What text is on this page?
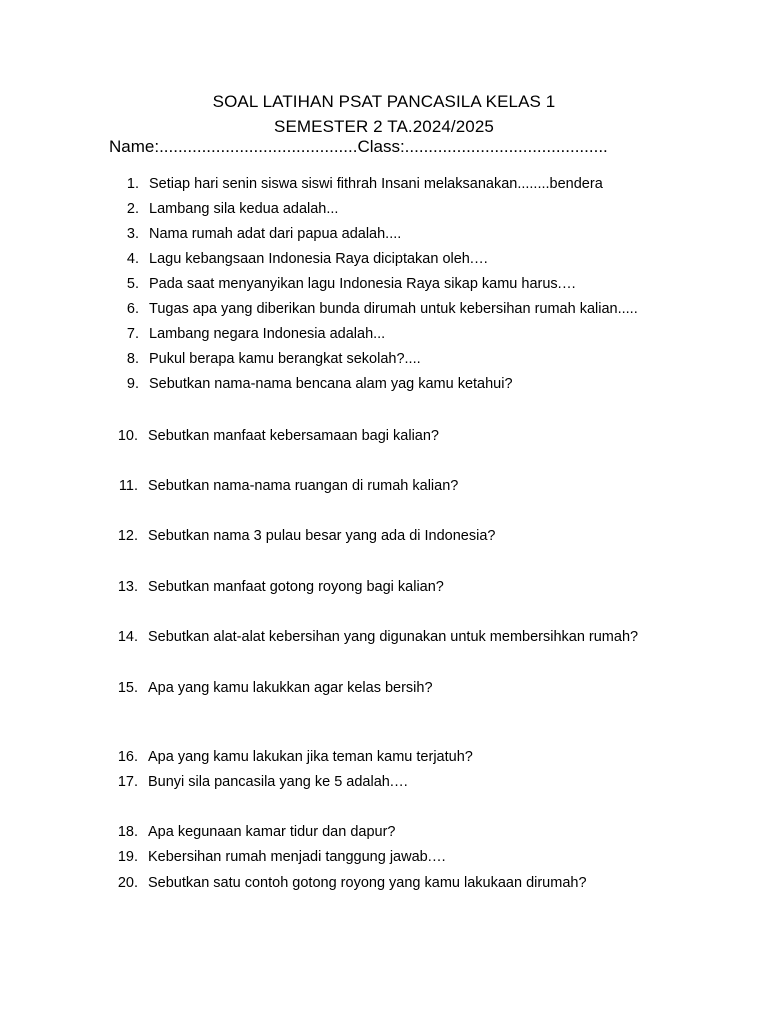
SOAL LATIHAN PSAT PANCASILA KELAS 1
SEMESTER 2 TA.2024/2025
Name:..........................................Class:...........................................
1. Setiap hari senin siswa siswi fithrah Insani melaksanakan........bendera
2. Lambang sila kedua adalah...
3. Nama rumah adat dari papua adalah....
4. Lagu kebangsaan Indonesia Raya diciptakan oleh.…
5. Pada saat menyanyikan lagu Indonesia Raya sikap kamu harus.…
6. Tugas apa yang diberikan bunda dirumah untuk kebersihan rumah kalian.....
7. Lambang negara Indonesia adalah...
8. Pukul berapa kamu berangkat sekolah?....
9. Sebutkan nama-nama bencana alam yag kamu ketahui?
10. Sebutkan manfaat kebersamaan bagi kalian?
11. Sebutkan nama-nama ruangan di rumah kalian?
12. Sebutkan nama 3 pulau besar yang ada di Indonesia?
13. Sebutkan manfaat gotong royong bagi kalian?
14. Sebutkan alat-alat kebersihan yang digunakan untuk membersihkan rumah?
15. Apa yang kamu lakukkan agar kelas bersih?
16. Apa yang kamu lakukan jika teman kamu terjatuh?
17. Bunyi sila pancasila yang ke 5 adalah.…
18. Apa kegunaan kamar tidur dan dapur?
19. Kebersihan rumah menjadi tanggung jawab.…
20. Sebutkan satu contoh gotong royong yang kamu lakukaan dirumah?
